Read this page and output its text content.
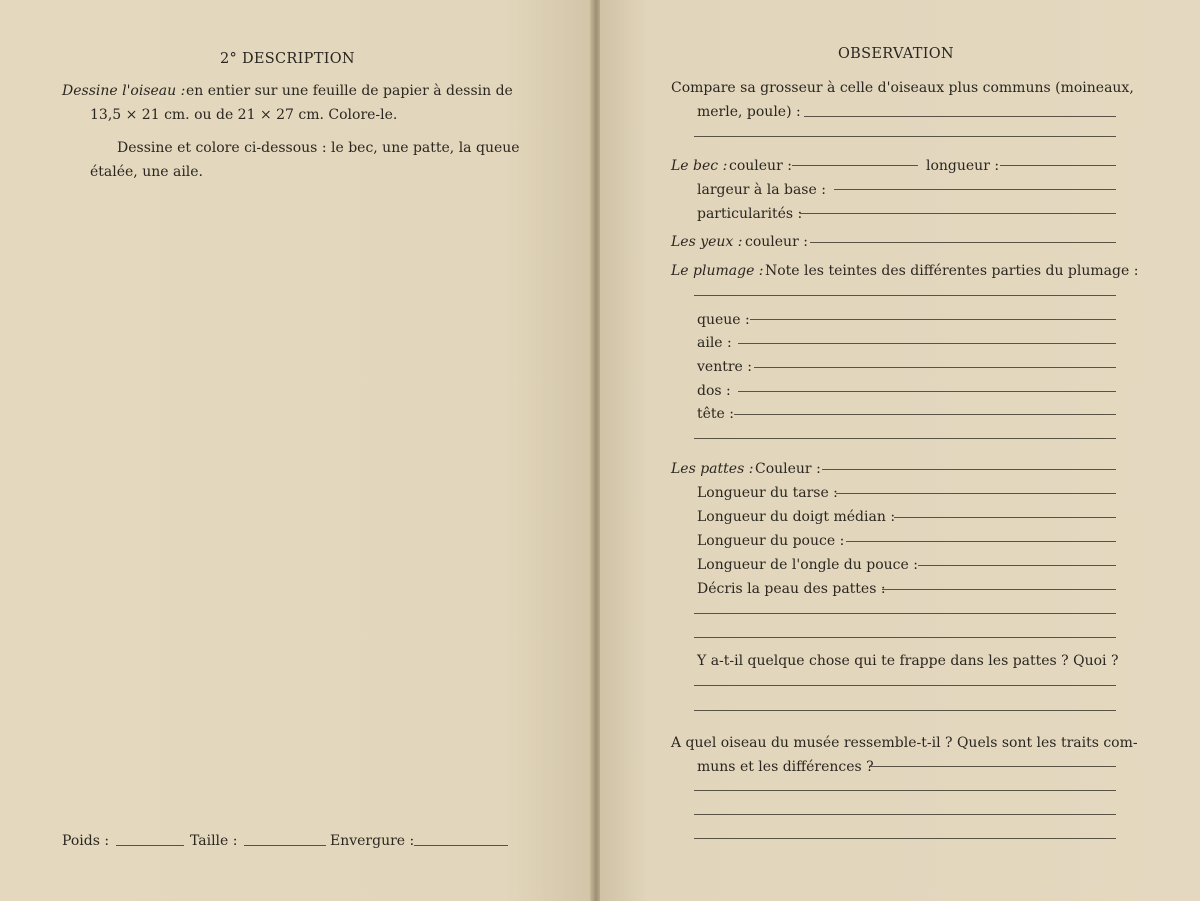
2° DESCRIPTION
Dessine l'oiseau : en entier sur une feuille de papier à dessin de
13,5 × 21 cm. ou de 21 × 27 cm. Colore-le.
Dessine et colore ci-dessous : le bec, une patte, la queue
étalée, une aile.
Poids :	Taille :	Envergure :
OBSERVATION
Compare sa grosseur à celle d'oiseaux plus communs (moineaux,
merle, poule) :
Le bec : couleur :	longueur :
largeur à la base :
particularités :
Les yeux : couleur :
Le plumage : Note les teintes des différentes parties du plumage :
queue :
aile :
ventre :
dos :
tête :
Les pattes : Couleur :
Longueur du tarse :
Longueur du doigt médian :
Longueur du pouce :
Longueur de l'ongle du pouce :
Décris la peau des pattes :
Y a-t-il quelque chose qui te frappe dans les pattes ? Quoi ?
A quel oiseau du musée ressemble-t-il ? Quels sont les traits com-
muns et les différences ?
